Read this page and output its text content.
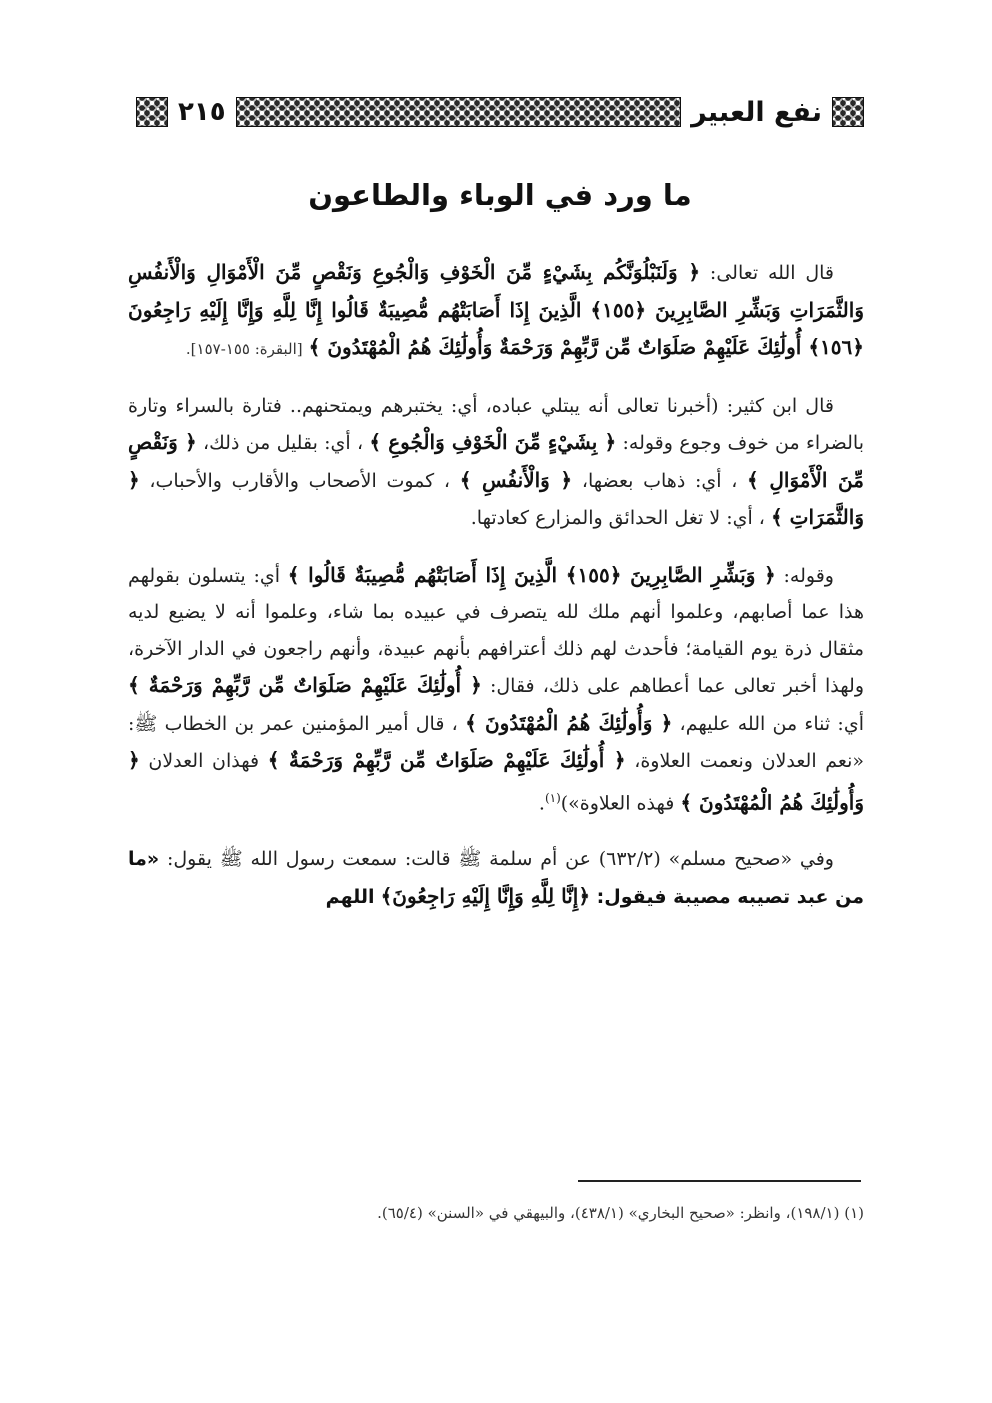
نفع العبير
٢١٥
ما ورد في الوباء والطاعون

قال الله تعالى: ﴿ وَلَنَبْلُوَنَّكُم بِشَيْءٍ مِّنَ الْخَوْفِ وَالْجُوعِ وَنَقْصٍ مِّنَ الْأَمْوَالِ وَالْأَنفُسِ وَالثَّمَرَاتِ وَبَشِّرِ الصَّابِرِينَ ﴿١٥٥﴾ الَّذِينَ إِذَا أَصَابَتْهُم مُّصِيبَةٌ قَالُوا إِنَّا لِلَّهِ وَإِنَّا إِلَيْهِ رَاجِعُونَ ﴿١٥٦﴾ أُولَٰئِكَ عَلَيْهِمْ صَلَوَاتٌ مِّن رَّبِّهِمْ وَرَحْمَةٌ وَأُولَٰئِكَ هُمُ الْمُهْتَدُونَ ﴾ [البقرة: ١٥٥-١٥٧].

قال ابن كثير: (أخبرنا تعالى أنه يبتلي عباده، أي: يختبرهم ويمتحنهم.. فتارة بالسراء وتارة بالضراء من خوف وجوع وقوله: ﴿ بِشَيْءٍ مِّنَ الْخَوْفِ وَالْجُوعِ ﴾ ، أي: بقليل من ذلك، ﴿ وَنَقْصٍ مِّنَ الْأَمْوَالِ ﴾ ، أي: ذهاب بعضها، ﴿ وَالْأَنفُسِ ﴾ ، كموت الأصحاب والأقارب والأحباب، ﴿ وَالثَّمَرَاتِ ﴾ ، أي: لا تغل الحدائق والمزارع كعادتها.

وقوله: ﴿ وَبَشِّرِ الصَّابِرِينَ ﴿١٥٥﴾ الَّذِينَ إِذَا أَصَابَتْهُم مُّصِيبَةٌ قَالُوا ﴾ أي: يتسلون بقولهم هذا عما أصابهم، وعلموا أنهم ملك لله يتصرف في عبيده بما شاء، وعلموا أنه لا يضيع لديه مثقال ذرة يوم القيامة؛ فأحدث لهم ذلك أعترافهم بأنهم عبيدة، وأنهم راجعون في الدار الآخرة، ولهذا أخبر تعالى عما أعطاهم على ذلك، فقال: ﴿ أُولَٰئِكَ عَلَيْهِمْ صَلَوَاتٌ مِّن رَّبِّهِمْ وَرَحْمَةٌ ﴾ أي: ثناء من الله عليهم، ﴿ وَأُولَٰئِكَ هُمُ الْمُهْتَدُونَ ﴾ ، قال أمير المؤمنين عمر بن الخطاب ﷺ: «نعم العدلان ونعمت العلاوة، ﴿ أُولَٰئِكَ عَلَيْهِمْ صَلَوَاتٌ مِّن رَّبِّهِمْ وَرَحْمَةٌ ﴾ فهذان العدلان ﴿ وَأُولَٰئِكَ هُمُ الْمُهْتَدُونَ ﴾ فهذه العلاوة»)$^{(١)}$.

وفي «صحيح مسلم» (٦٣٢/٢) عن أم سلمة ﷺ قالت: سمعت رسول الله ﷺ يقول: «ما من عبد تصيبه مصيبة فيقول: ﴿إِنَّا لِلَّهِ وَإِنَّا إِلَيْهِ رَاجِعُونَ﴾ اللهم

(١) (١٩٨/١)، وانظر: «صحيح البخاري» (٤٣٨/١)، والبيهقي في «السنن» (٦٥/٤).
